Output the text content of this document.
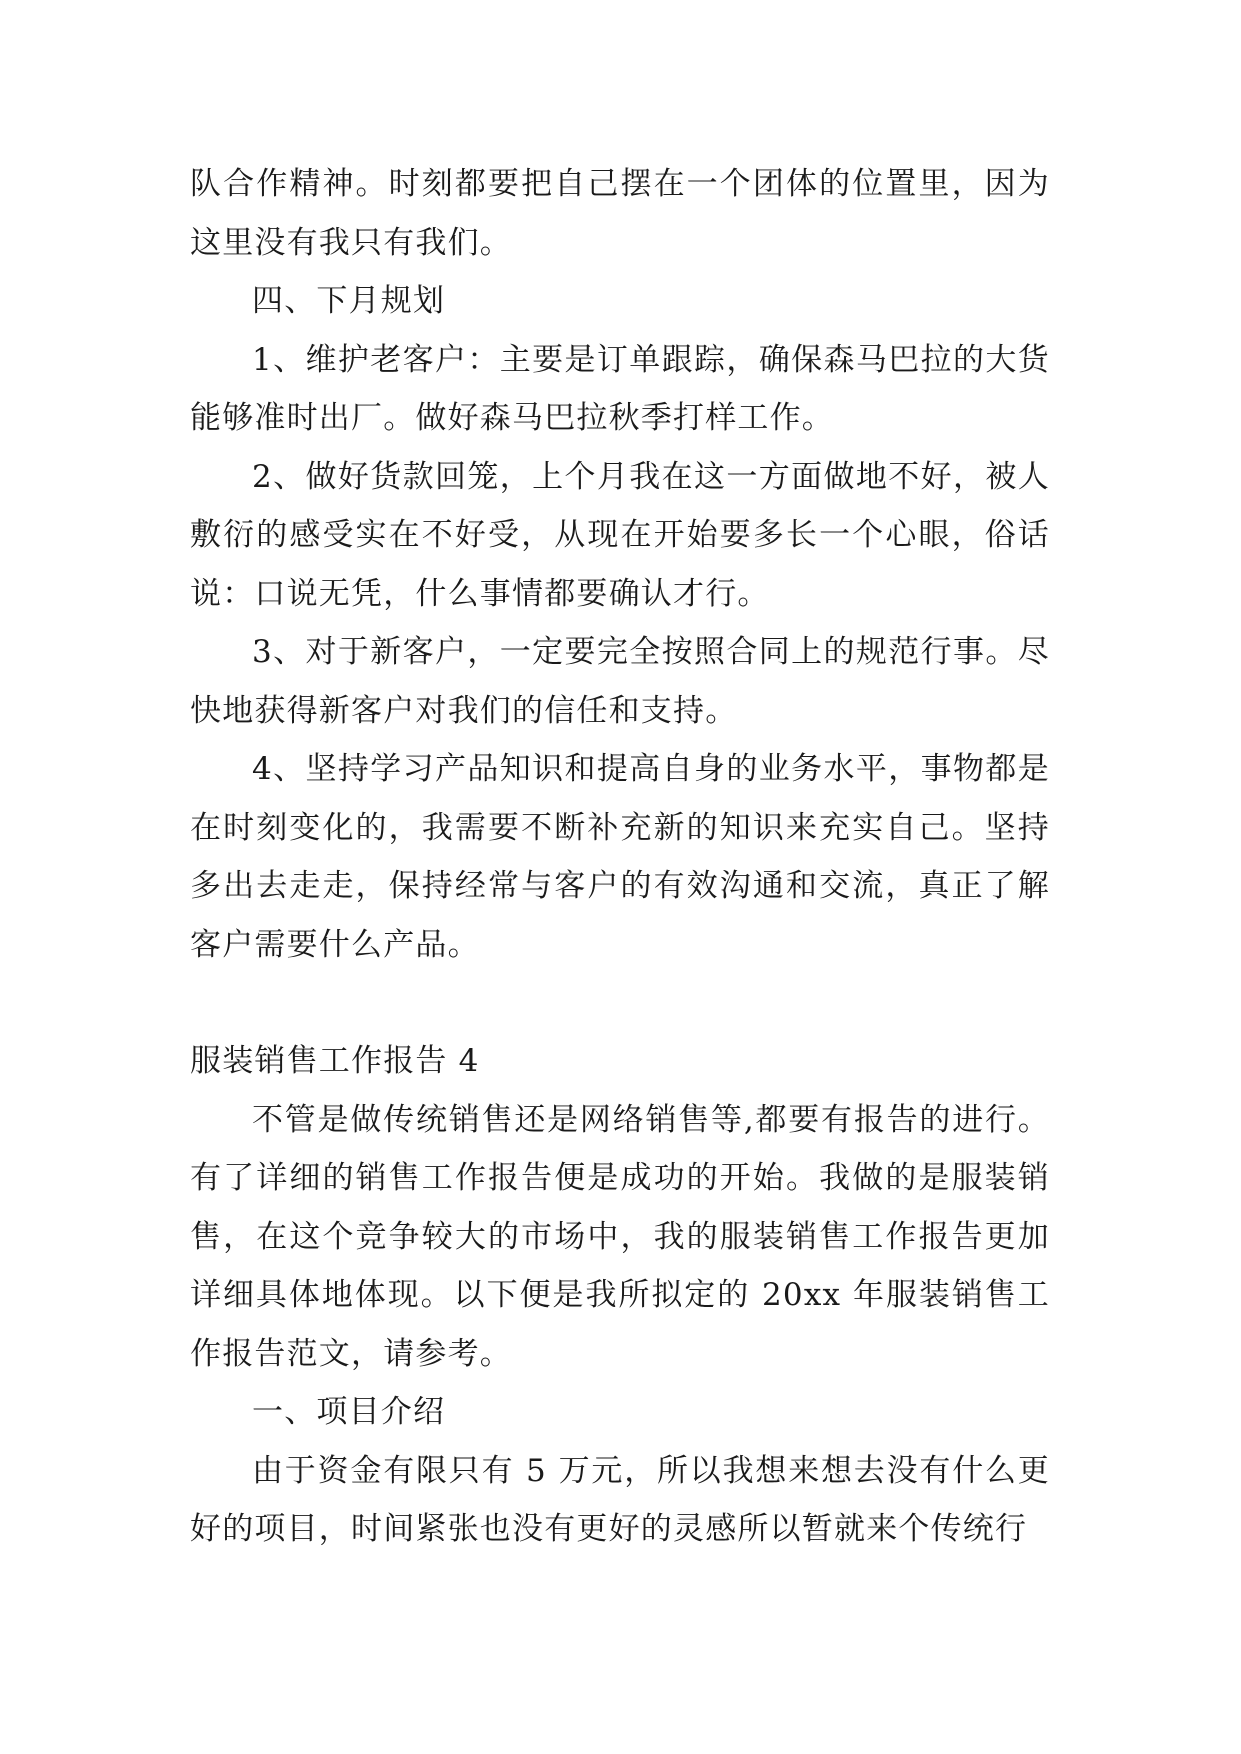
队合作精神。时刻都要把自己摆在一个团体的位置里，因为这里没有我只有我们。

四、下月规划

1、维护老客户：主要是订单跟踪，确保森马巴拉的大货能够准时出厂。做好森马巴拉秋季打样工作。

2、做好货款回笼，上个月我在这一方面做地不好，被人敷衍的感受实在不好受，从现在开始要多长一个心眼，俗话说：口说无凭，什么事情都要确认才行。

3、对于新客户，一定要完全按照合同上的规范行事。尽快地获得新客户对我们的信任和支持。

4、坚持学习产品知识和提高自身的业务水平，事物都是在时刻变化的，我需要不断补充新的知识来充实自己。坚持多出去走走，保持经常与客户的有效沟通和交流，真正了解客户需要什么产品。

服装销售工作报告 4

不管是做传统销售还是网络销售等,都要有报告的进行。有了详细的销售工作报告便是成功的开始。我做的是服装销售，在这个竞争较大的市场中，我的服装销售工作报告更加详细具体地体现。以下便是我所拟定的 20xx 年服装销售工作报告范文，请参考。

一、项目介绍

由于资金有限只有 5 万元，所以我想来想去没有什么更好的项目，时间紧张也没有更好的灵感所以暂就来个传统行
